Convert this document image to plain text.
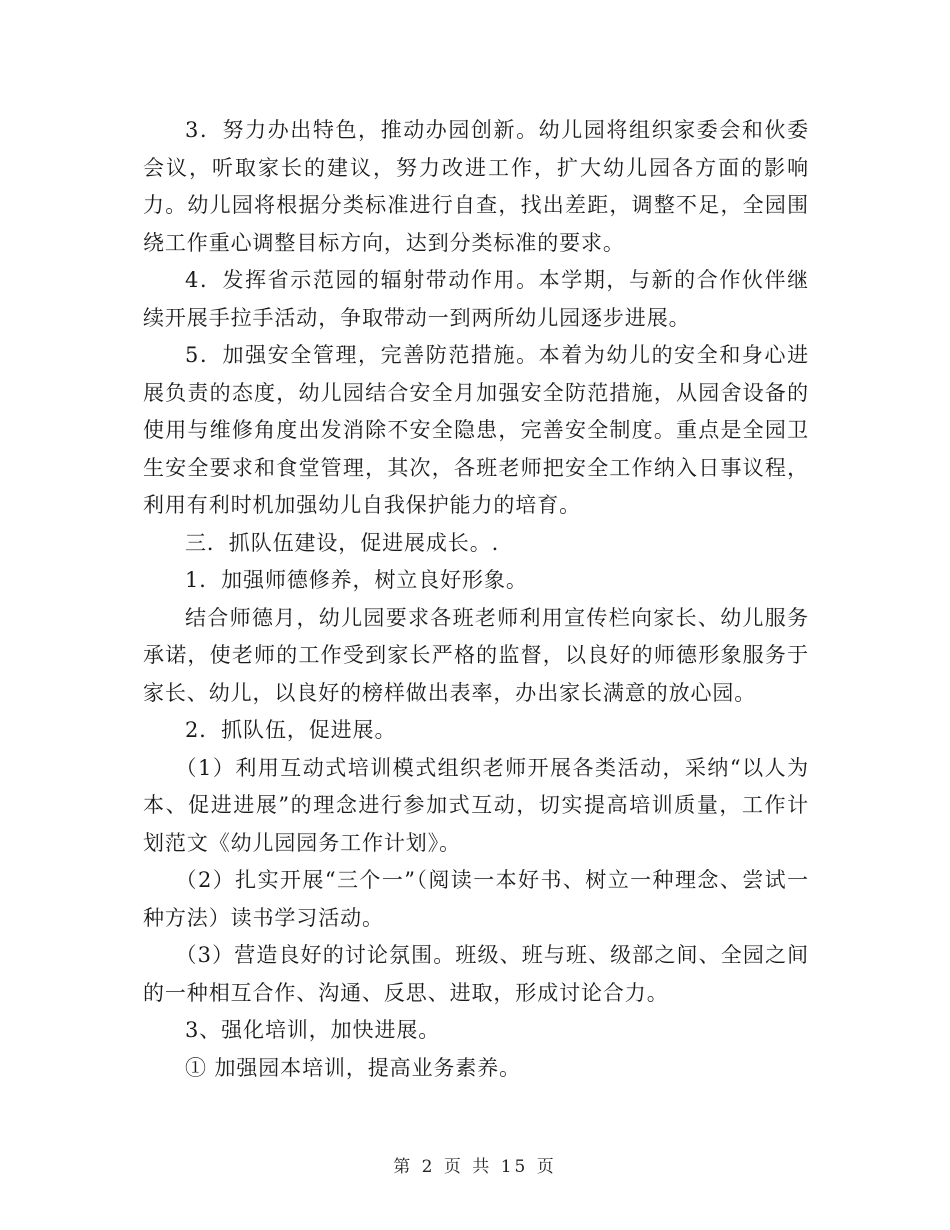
3．努力办出特色，推动办园创新。幼儿园将组织家委会和伙委会议，听取家长的建议，努力改进工作，扩大幼儿园各方面的影响力。幼儿园将根据分类标准进行自查，找出差距，调整不足，全园围绕工作重心调整目标方向，达到分类标准的要求。

4．发挥省示范园的辐射带动作用。本学期，与新的合作伙伴继续开展手拉手活动，争取带动一到两所幼儿园逐步进展。

5．加强安全管理，完善防范措施。本着为幼儿的安全和身心进展负责的态度，幼儿园结合安全月加强安全防范措施，从园舍设备的使用与维修角度出发消除不安全隐患，完善安全制度。重点是全园卫生安全要求和食堂管理，其次，各班老师把安全工作纳入日事议程，利用有利时机加强幼儿自我保护能力的培育。

三．抓队伍建设，促进展成长。.

1．加强师德修养，树立良好形象。

结合师德月，幼儿园要求各班老师利用宣传栏向家长、幼儿服务承诺，使老师的工作受到家长严格的监督，以良好的师德形象服务于家长、幼儿，以良好的榜样做出表率，办出家长满意的放心园。

2．抓队伍，促进展。

（1）利用互动式培训模式组织老师开展各类活动，采纳“以人为本、促进进展”的理念进行参加式互动，切实提高培训质量，工作计划范文《幼儿园园务工作计划》。

（2）扎实开展“三个一”（阅读一本好书、树立一种理念、尝试一种方法）读书学习活动。

（3）营造良好的讨论氛围。班级、班与班、级部之间、全园之间的一种相互合作、沟通、反思、进取，形成讨论合力。

3、强化培训，加快进展。

① 加强园本培训，提高业务素养。

第 2 页 共 15 页
